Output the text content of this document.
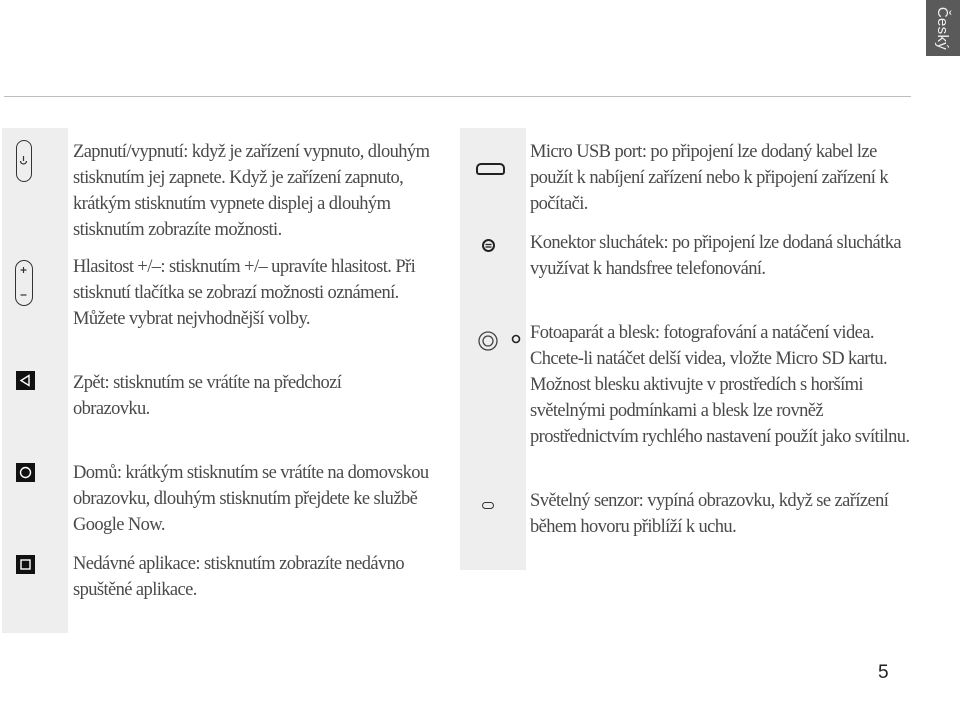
Český

Zapnutí/vypnutí: když je zařízení vypnuto, dlouhým stisknutím jej zapnete. Když je zařízení zapnuto, krátkým stisknutím vypnete displej a dlouhým stisknutím zobrazíte možnosti.

Hlasitost +/–: stisknutím +/– upravíte hlasitost. Při stisknutí tlačítka se zobrazí možnosti oznámení. Můžete vybrat nejvhodnější volby.

Zpět: stisknutím se vrátíte na předchozí obrazovku.

Domů: krátkým stisknutím se vrátíte na domovskou obrazovku, dlouhým stisknutím přejdete ke službě Google Now.

Nedávné aplikace: stisknutím zobrazíte nedávno spuštěné aplikace.

Micro USB port: po připojení lze dodaný kabel lze použít k nabíjení zařízení nebo k připojení zařízení k počítači.

Konektor sluchátek: po připojení lze dodaná sluchátka využívat k handsfree telefonování.

Fotoaparát a blesk: fotografování a natáčení videa. Chcete-li natáčet delší videa, vložte Micro SD kartu. Možnost blesku aktivujte v prostředích s horšími světelnými podmínkami a blesk lze rovněž prostřednictvím rychlého nastavení použít jako svítilnu.

Světelný senzor: vypíná obrazovku, když se zařízení během hovoru přiblíží k uchu.

5
